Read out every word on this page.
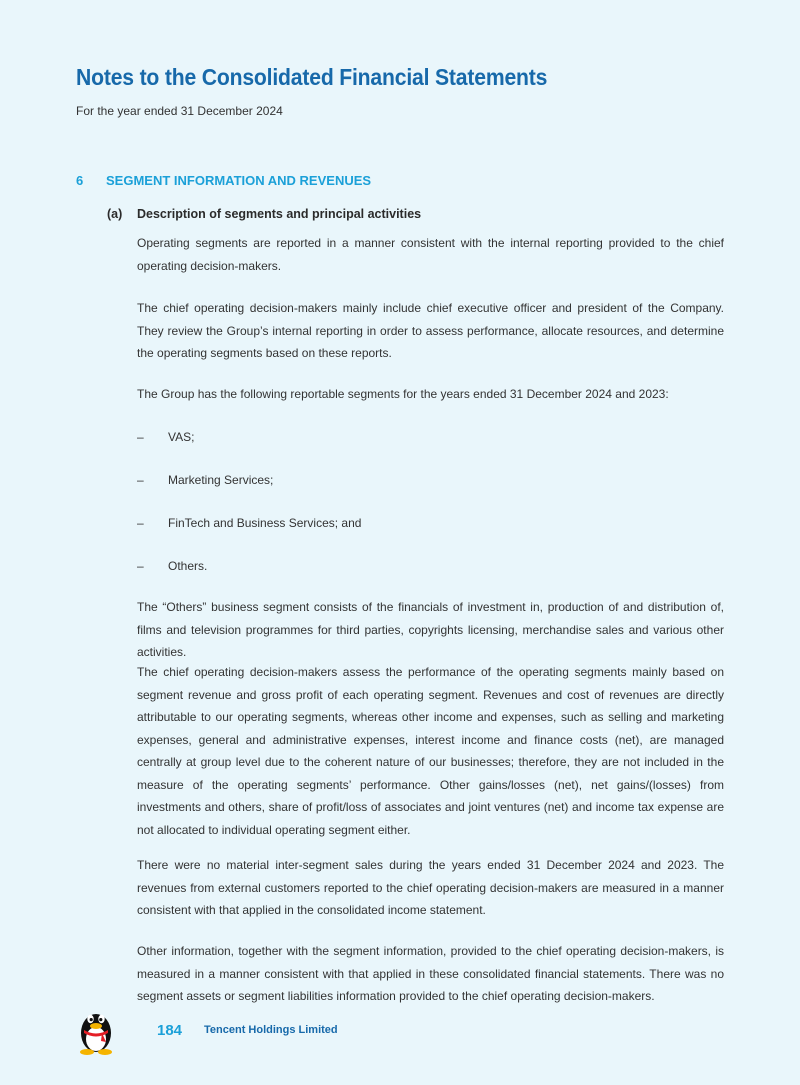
Notes to the Consolidated Financial Statements
For the year ended 31 December 2024
6 SEGMENT INFORMATION AND REVENUES
(a) Description of segments and principal activities

Operating segments are reported in a manner consistent with the internal reporting provided to the chief operating decision-makers.

The chief operating decision-makers mainly include chief executive officer and president of the Company. They review the Group’s internal reporting in order to assess performance, allocate resources, and determine the operating segments based on these reports.

The Group has the following reportable segments for the years ended 31 December 2024 and 2023:

– VAS;
– Marketing Services;
– FinTech and Business Services; and
– Others.

The “Others” business segment consists of the financials of investment in, production of and distribution of, films and television programmes for third parties, copyrights licensing, merchandise sales and various other activities.

The chief operating decision-makers assess the performance of the operating segments mainly based on segment revenue and gross profit of each operating segment. Revenues and cost of revenues are directly attributable to our operating segments, whereas other income and expenses, such as selling and marketing expenses, general and administrative expenses, interest income and finance costs (net), are managed centrally at group level due to the coherent nature of our businesses; therefore, they are not included in the measure of the operating segments’ performance. Other gains/losses (net), net gains/(losses) from investments and others, share of profit/loss of associates and joint ventures (net) and income tax expense are not allocated to individual operating segment either.

There were no material inter-segment sales during the years ended 31 December 2024 and 2023. The revenues from external customers reported to the chief operating decision-makers are measured in a manner consistent with that applied in the consolidated income statement.

Other information, together with the segment information, provided to the chief operating decision-makers, is measured in a manner consistent with that applied in these consolidated financial statements. There was no segment assets or segment liabilities information provided to the chief operating decision-makers.

184 Tencent Holdings Limited
